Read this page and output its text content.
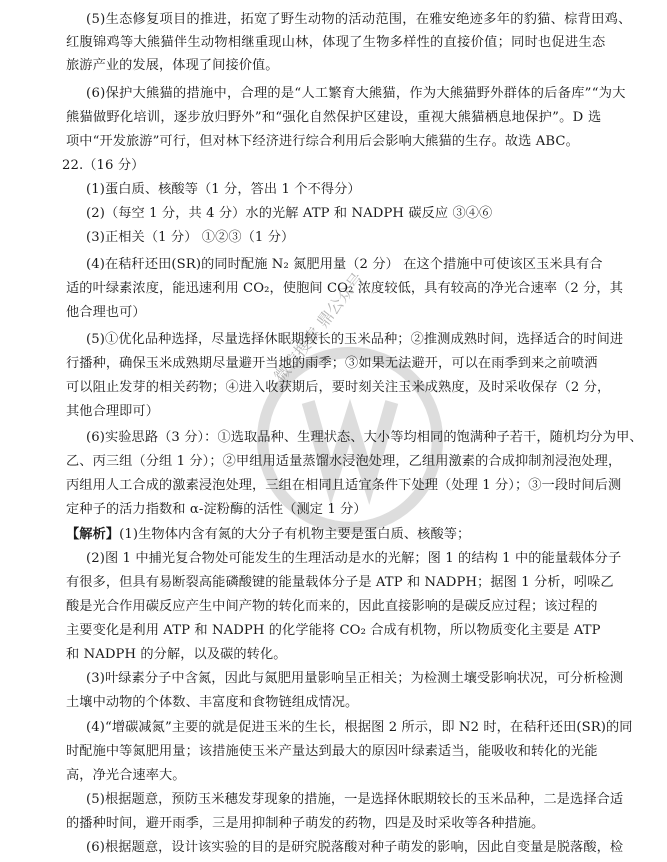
微信搜索 鼎公众号
(5)生态修复项目的推进，拓宽了野生动物的活动范围，在雅安绝迹多年的豹猫、棕背田鸡、
红腹锦鸡等大熊猫伴生动物相继重现山林，体现了生物多样性的直接价值；同时也促进生态
旅游产业的发展，体现了间接价值。
(6)保护大熊猫的措施中，合理的是“人工繁育大熊猫，作为大熊猫野外群体的后备库”“为大
熊猫做野化培训，逐步放归野外”和“强化自然保护区建设，重视大熊猫栖息地保护”。D 选
项中“开发旅游”可行，但对林下经济进行综合利用后会影响大熊猫的生存。故选 ABC。
22.（16 分）
(1)蛋白质、核酸等（1 分，答出 1 个不得分）
(2)（每空 1 分，共 4 分）水的光解 ATP 和 NADPH 碳反应 ③④⑥
(3)正相关（1 分） ①②③（1 分）
(4)在秸秆还田(SR)的同时配施 N₂ 氮肥用量（2 分） 在这个措施中可使该区玉米具有合
适的叶绿素浓度，能迅速利用 CO₂，使胞间 CO₂ 浓度较低，具有较高的净光合速率（2 分，其
他合理也可）
(5)①优化品种选择，尽量选择休眠期较长的玉米品种；②推测成熟时间，选择适合的时间进
行播种，确保玉米成熟期尽量避开当地的雨季；③如果无法避开，可以在雨季到来之前喷洒
可以阻止发芽的相关药物；④进入收获期后，要时刻关注玉米成熟度，及时采收保存（2 分，
其他合理即可）
(6)实验思路（3 分）：①选取品种、生理状态、大小等均相同的饱满种子若干，随机均分为甲、
乙、丙三组（分组 1 分）；②甲组用适量蒸馏水浸泡处理，乙组用激素的合成抑制剂浸泡处理，
丙组用人工合成的激素浸泡处理，三组在相同且适宜条件下处理（处理 1 分）；③一段时间后测
定种子的活力指数和 α-淀粉酶的活性（测定 1 分）
【解析】(1)生物体内含有氮的大分子有机物主要是蛋白质、核酸等；
(2)图 1 中捕光复合物处可能发生的生理活动是水的光解；图 1 的结构 1 中的能量载体分子
有很多，但具有易断裂高能磷酸键的能量载体分子是 ATP 和 NADPH；据图 1 分析，吲哚乙
酸是光合作用碳反应产生中间产物的转化而来的，因此直接影响的是碳反应过程；该过程的
主要变化是利用 ATP 和 NADPH 的化学能将 CO₂ 合成有机物，所以物质变化主要是 ATP
和 NADPH 的分解，以及碳的转化。
(3)叶绿素分子中含氮，因此与氮肥用量影响呈正相关；为检测土壤受影响状况，可分析检测
土壤中动物的个体数、丰富度和食物链组成情况。
(4)“增碳减氮”主要的就是促进玉米的生长，根据图 2 所示，即 N2 时，在秸秆还田(SR)的同
时配施中等氮肥用量；该措施使玉米产量达到最大的原因叶绿素适当，能吸收和转化的光能
高，净光合速率大。
(5)根据题意，预防玉米穗发芽现象的措施，一是选择休眠期较长的玉米品种，二是选择合适
的播种时间，避开雨季，三是用抑制种子萌发的药物，四是及时采收等各种措施。
(6)根据题意，设计该实验的目的是研究脱落酸对种子萌发的影响，因此自变量是脱落酸，检
